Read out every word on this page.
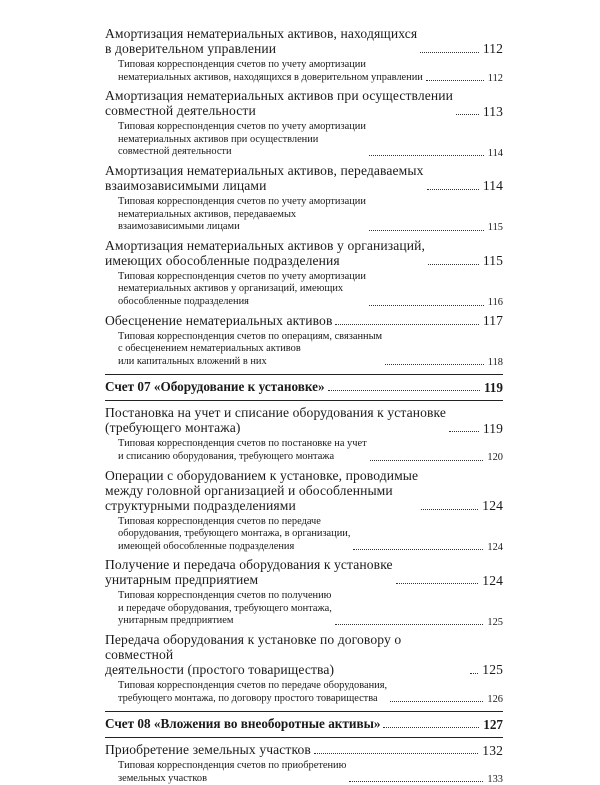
Амортизация нематериальных активов, находящихся
в доверительном управлении	112
Типовая корреспонденция счетов по учету амортизации
нематериальных активов, находящихся в доверительном управлении	112
Амортизация нематериальных активов при осуществлении
совместной деятельности	113
Типовая корреспонденция счетов по учету амортизации
нематериальных активов при осуществлении
совместной деятельности	114
Амортизация нематериальных активов, передаваемых
взаимозависимыми лицами	114
Типовая корреспонденция счетов по учету амортизации
нематериальных активов, передаваемых
взаимозависимыми лицами	115
Амортизация нематериальных активов у организаций,
имеющих обособленные подразделения	115
Типовая корреспонденция счетов по учету амортизации
нематериальных активов у организаций, имеющих
обособленные подразделения	116
Обесценение нематериальных активов	117
Типовая корреспонденция счетов по операциям, связанным
с обесценением нематериальных активов
или капитальных вложений в них	118
Счет 07 «Оборудование к установке»	119
Постановка на учет и списание оборудования к установке
(требующего монтажа)	119
Типовая корреспонденция счетов по постановке на учет
и списанию оборудования, требующего монтажа	120
Операции с оборудованием к установке, проводимые
между головной организацией и обособленными
структурными подразделениями	124
Типовая корреспонденция счетов по передаче
оборудования, требующего монтажа, в организации,
имеющей обособленные подразделения	124
Получение и передача оборудования к установке
унитарным предприятием	124
Типовая корреспонденция счетов по получению
и передаче оборудования, требующего монтажа,
унитарным предприятием	125
Передача оборудования к установке по договору о совместной
деятельности (простого товарищества)	125
Типовая корреспонденция счетов по передаче оборудования,
требующего монтажа, по договору простого товарищества	126
Счет 08 «Вложения во внеоборотные активы»	127
Приобретение земельных участков	132
Типовая корреспонденция счетов по приобретению
земельных участков	133
